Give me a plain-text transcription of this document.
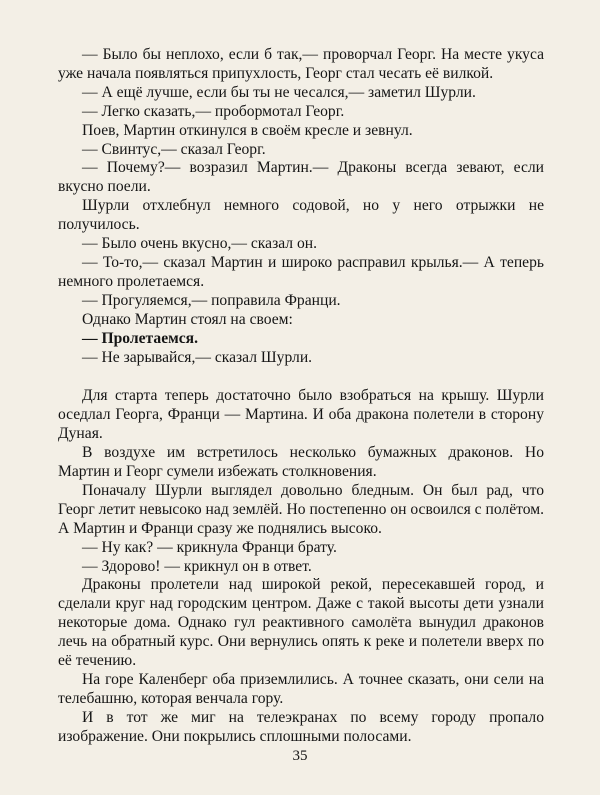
— Было бы неплохо, если б так,— проворчал Георг. На месте укуса уже начала появляться припухлость, Георг стал чесать её вилкой.

— А ещё лучше, если бы ты не чесался,— заметил Шурли.

— Легко сказать,— пробормотал Георг.

Поев, Мартин откинулся в своём кресле и зевнул.

— Свинтус,— сказал Георг.

— Почему?— возразил Мартин.— Драконы всегда зевают, если вкусно поели.

Шурли отхлебнул немного содовой, но у него отрыжки не получилось.

— Было очень вкусно,— сказал он.

— То-то,— сказал Мартин и широко расправил крылья.— А теперь немного пролетаемся.

— Прогуляемся,— поправила Франци.

Однако Мартин стоял на своем:

— Пролетаемся.

— Не зарывайся,— сказал Шурли.

Для старта теперь достаточно было взобраться на крышу. Шурли оседлал Георга, Франци — Мартина. И оба дракона полетели в сторону Дуная.

В воздухе им встретилось несколько бумажных драконов. Но Мартин и Георг сумели избежать столкновения.

Поначалу Шурли выглядел довольно бледным. Он был рад, что Георг летит невысоко над землёй. Но постепенно он освоился с полётом. А Мартин и Франци сразу же поднялись высоко.

— Ну как? — крикнула Франци брату.

— Здорово! — крикнул он в ответ.

Драконы пролетели над широкой рекой, пересекавшей город, и сделали круг над городским центром. Даже с такой высоты дети узнали некоторые дома. Однако гул реактивного самолёта вынудил драконов лечь на обратный курс. Они вернулись опять к реке и полетели вверх по её течению.

На горе Каленберг оба приземлились. А точнее сказать, они сели на телебашню, которая венчала гору.

И в тот же миг на телеэкранах по всему городу пропало изображение. Они покрылись сплошными полосами.

35
